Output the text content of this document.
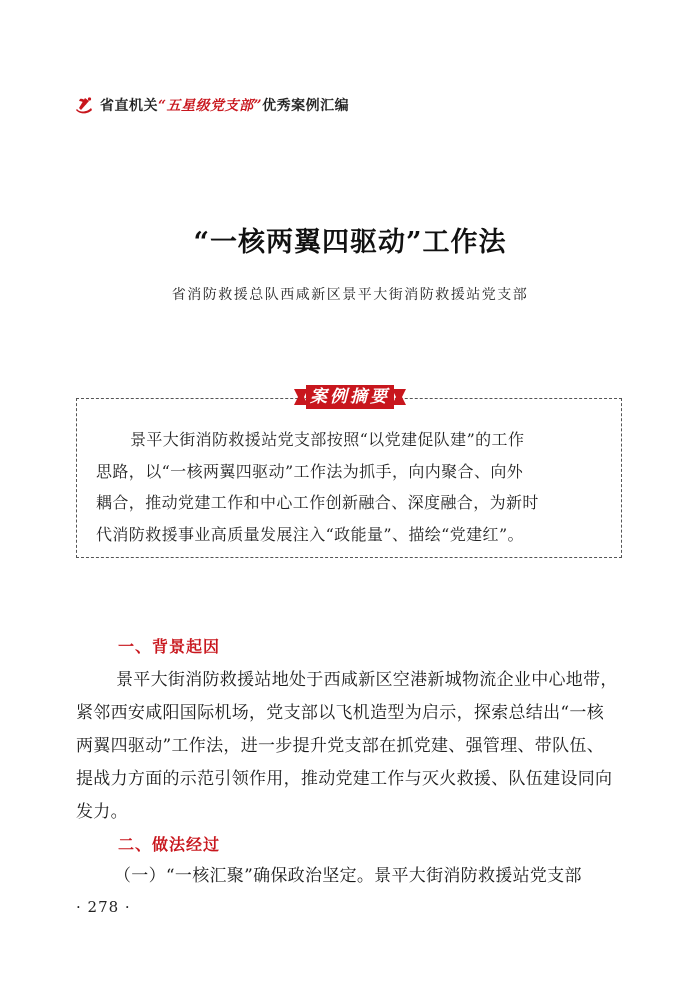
省直机关 “五星级党支部” 优秀案例汇编
“一核两翼四驱动”工作法
省消防救援总队西咸新区景平大街消防救援站党支部
案例摘要
景平大街消防救援站党支部按照“以党建促队建”的工作
思路，以“一核两翼四驱动”工作法为抓手，向内聚合、向外
耦合，推动党建工作和中心工作创新融合、深度融合，为新时
代消防救援事业高质量发展注入“政能量”、描绘“党建红”。
一、背景起因
景平大街消防救援站地处于西咸新区空港新城物流企业中心地带，
紧邻西安咸阳国际机场，党支部以飞机造型为启示，探索总结出“一核
两翼四驱动”工作法，进一步提升党支部在抓党建、强管理、带队伍、
提战力方面的示范引领作用，推动党建工作与灭火救援、队伍建设同向
发力。
二、做法经过
（一）“一核汇聚”确保政治坚定。景平大街消防救援站党支部
· 278 ·
